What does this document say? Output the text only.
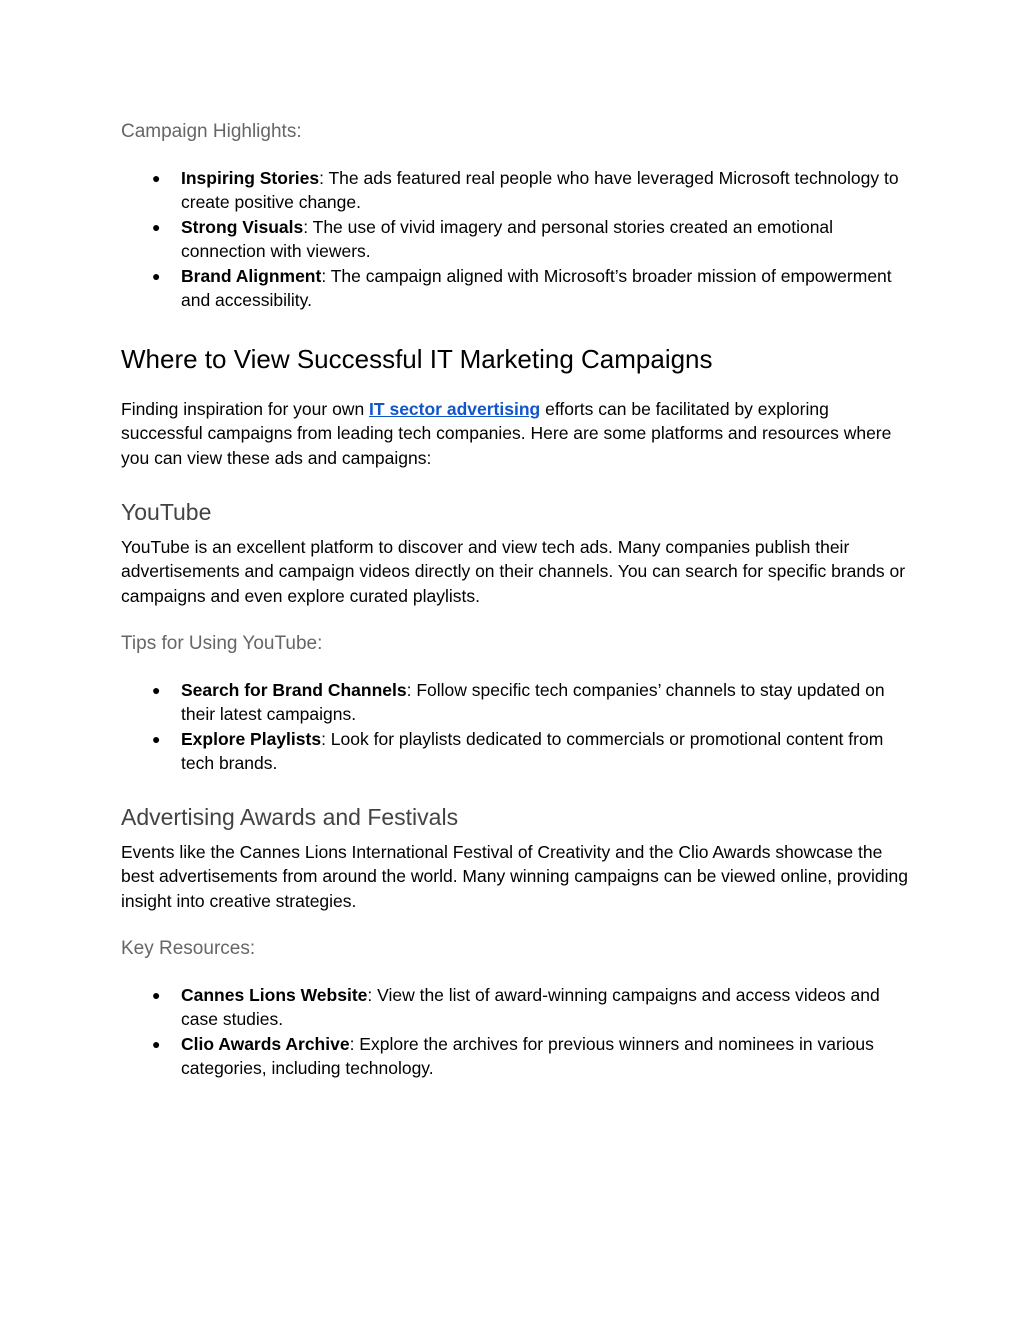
Campaign Highlights:
● Inspiring Stories: The ads featured real people who have leveraged Microsoft technology to create positive change.
● Strong Visuals: The use of vivid imagery and personal stories created an emotional connection with viewers.
● Brand Alignment: The campaign aligned with Microsoft’s broader mission of empowerment and accessibility.
Where to View Successful IT Marketing Campaigns

Finding inspiration for your own IT sector advertising efforts can be facilitated by exploring successful campaigns from leading tech companies. Here are some platforms and resources where you can view these ads and campaigns:

YouTube

YouTube is an excellent platform to discover and view tech ads. Many companies publish their advertisements and campaign videos directly on their channels. You can search for specific brands or campaigns and even explore curated playlists.

Tips for Using YouTube:
● Search for Brand Channels: Follow specific tech companies’ channels to stay updated on their latest campaigns.
● Explore Playlists: Look for playlists dedicated to commercials or promotional content from tech brands.
Advertising Awards and Festivals

Events like the Cannes Lions International Festival of Creativity and the Clio Awards showcase the best advertisements from around the world. Many winning campaigns can be viewed online, providing insight into creative strategies.

Key Resources:
● Cannes Lions Website: View the list of award-winning campaigns and access videos and case studies.
● Clio Awards Archive: Explore the archives for previous winners and nominees in various categories, including technology.
